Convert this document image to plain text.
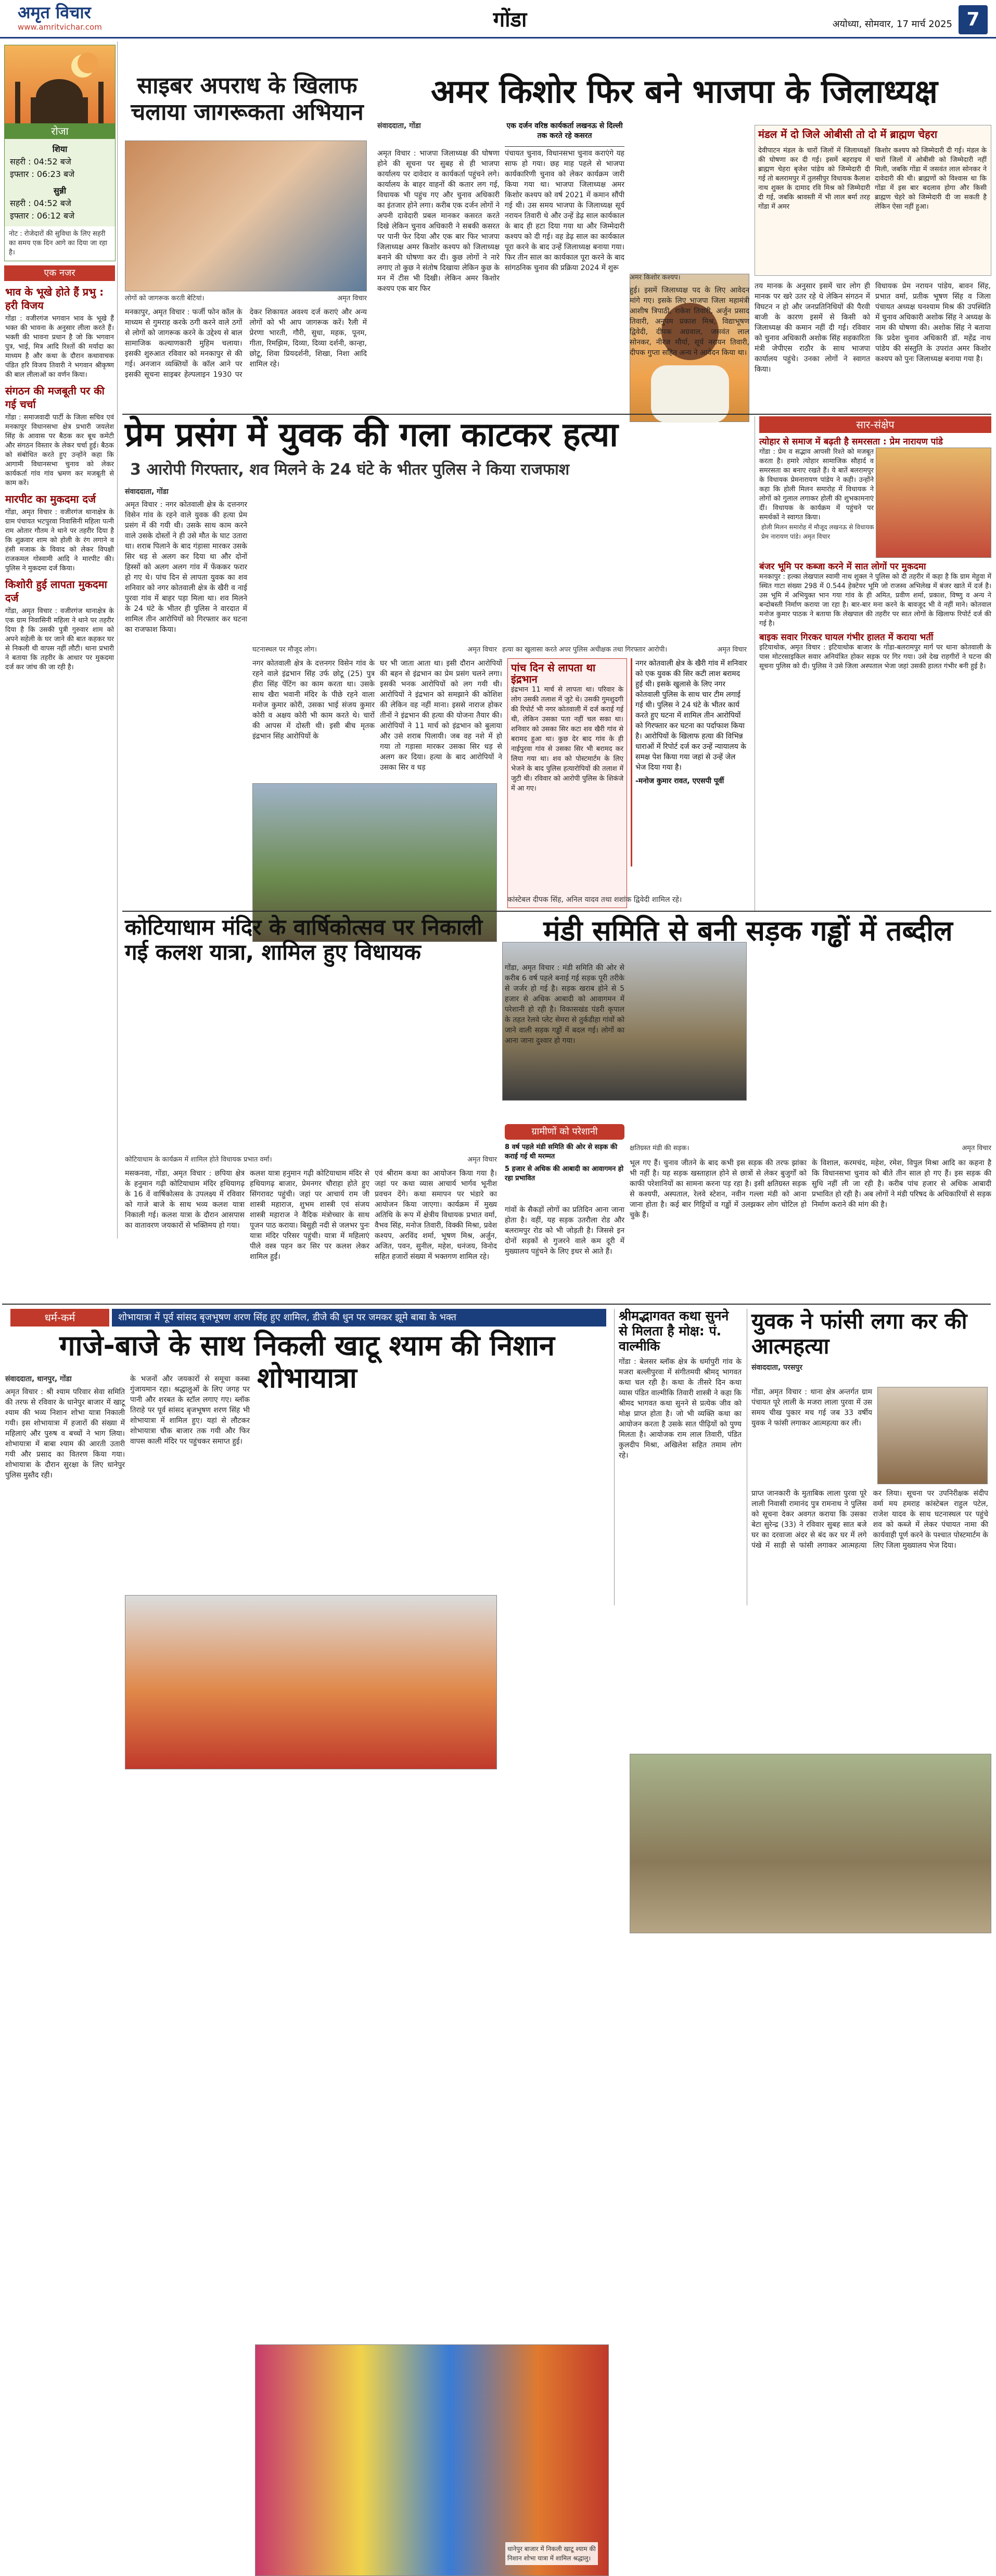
अमृत विचार
www.amritvichar.com	गोंडा	अयोध्या, सोमवार, 17 मार्च 2025 7
रोजा
शिया
सहरी : 04:52 बजे
इफ्तार : 06:23 बजे
सुन्नी
सहरी : 04:52 बजे
इफ्तार : 06:12 बजे
नोट : रोजेदारों की सुविधा के लिए सहरी का समय एक दिन आगे का दिया जा रहा है।
एक नजर
भाव के भूखे होते हैं प्रभु : हरी विजय
गोंडा : वजीरगंज भगवान भाव के भूखे हैं भक्त की भावना के अनुसार लीला करते हैं। भक्ती की भावना प्रधान है जो कि भगवान पुत्र, भाई, मित्र आदि रिश्तों की मर्यादा का माध्यम है और कथा के दौरान कथावाचक पंडित हरि विजय तिवारी ने भगवान श्रीकृष्ण की बाल लीलाओं का वर्णन किया।
संगठन की मजबूती पर की गई चर्चा
गोंडा : समाजवादी पार्टी के जिला सचिव एवं मनकापुर विधानसभा क्षेत्र प्रभारी जयलेश सिंह के आवास पर बैठक कर बूथ कमेटी और संगठन विस्तार के लेकर चर्चा हुई। बैठक को संबोधित करते हुए उन्होंने कहा कि आगामी विधानसभा चुनाव को लेकर कार्यकर्ता गांव गांव भ्रमण कर मजबूती से काम करें।
मारपीट का मुकदमा दर्ज
गोंडा, अमृत विचार : वजीरगंज थानाक्षेत्र के ग्राम पंचायत भटपुरवा निवासिनी महिला पत्नी राम ओतार गौतम ने थाने पर तहरीर दिया है कि शुक्रवार शाम को होली के रंग लगाने व हंसी मजाक के विवाद को लेकर विपक्षी राजकमल गोस्वामी आदि ने मारपीट की। पुलिस ने मुकदमा दर्ज किया।
किशोरी हुई लापता मुकदमा दर्ज
गोंडा, अमृत विचार : वजीरगंज थानाक्षेत्र के एक ग्राम निवासिनी महिला ने थाने पर तहरीर दिया है कि उसकी पुत्री गुरुवार शाम को अपने सहेली के घर जाने की बात कहकर घर से निकली थी वापस नहीं लौटी। थाना प्रभारी ने बताया कि तहरीर के आधार पर मुकदमा दर्ज कर जांच की जा रही है।
साइबर अपराध के खिलाफ चलाया जागरूकता अभियान
लोगों को जागरूक करती बेटियां।	अमृत विचार
मनकापुर, अमृत विचार : फर्जी फोन कॉल के माध्यम से गुमराह करके ठगी करने वाले ठगों से लोगों को जागरूक करने के उद्देश्य से बाल सामाजिक कल्याणकारी मुहिम चलाया। इसकी शुरुआत रविवार को मनकापुर से की गई। अनजान व्यक्तियों के कॉल आने पर इसकी सूचना साइबर हेल्पलाइन 1930 पर देकर शिकायत अवश्य दर्ज कराएं और अन्य लोगों को भी आप जागरूक करें। रैली में प्रेरणा भारती, गौरी, सुधा, महक, पूनम, गीता, रिमझिम, दिव्या, दिव्या दर्शनी, कान्हा, छोटू, शिवा प्रियदर्शनी, शिखा, निशा आदि शामिल रहे।
अमर किशोर फिर बने भाजपा के जिलाध्यक्ष
संवाददाता, गोंडा	एक दर्जन वरिष्ठ कार्यकर्ता लखनऊ से दिल्ली तक करते रहे कसरत
अमृत विचार : भाजपा जिलाध्यक्ष की घोषणा होने की सूचना पर सुबह से ही भाजपा कार्यालय पर दावेदार व कार्यकर्ता पहुंचने लगे। कार्यालय के बाहर वाहनों की कतार लग गई, विधायक भी पहुंच गए और चुनाव अधिकारी का इंतजार होने लगा। करीब एक दर्जन लोगों ने अपनी दावेदारी प्रबल मानकर कसरत करते दिखे लेकिन चुनाव अधिकारी ने सबकी कसरत पर पानी फेर दिया और एक बार फिर भाजपा जिलाध्यक्ष अमर किशोर कश्यप को जिलाध्यक्ष बनाने की घोषणा कर दी। कुछ लोगों ने नारे लगाए तो कुछ ने संतोष दिखाया लेकिन कुछ के मन में टीस भी दिखी। लेकिन अमर किशोर कश्यप एक बार फिर
पंचायत चुनाव, विधानसभा चुनाव कराएंगे यह साफ हो गया। छह माह पहले से भाजपा कार्यकारिणी चुनाव को लेकर कार्यक्रम जारी किया गया था। भाजपा जिलाध्यक्ष अमर किशोर कश्यप को वर्ष 2021 में कमान सौंपी गई थी। उस समय भाजपा के जिलाध्यक्ष सूर्य नरायन तिवारी थे और उन्हें डेढ़ साल कार्यकाल के बाद ही हटा दिया गया था और जिम्मेदारी कश्यप को दी गई। वह डेढ़ साल का कार्यकाल पूरा करने के बाद उन्हें जिलाध्यक्ष बनाया गया। फिर तीन साल का कार्यकाल पूरा करने के बाद सांगठनिक चुनाव की प्रक्रिया 2024 में शुरू
अमर किशोर कश्यप।
हुई। इसमें जिलाध्यक्ष पद के लिए आवेदन मांगे गए। इसके लिए भाजपा जिला महामंत्री आशीष त्रिपाठी, राकेश तिवारी, अर्जुन प्रसाद तिवारी, अनुपम प्रकाश मिश्र, विद्याभूषण द्विवेदी, दीपक अग्रवाल, जसवंत लाल सोनकर, नीरज मौर्या, सूर्य नरायन तिवारी, दीपक गुप्ता सहित अन्य ने आवेदन किया था।
मंडल में दो जिले ओबीसी तो दो में ब्राह्मण चेहरा
देवीपाटन मंडल के चारों जिलों में जिलाध्यक्षों की घोषणा कर दी गई। इसमें बहराइच में ब्राह्मण चेहरा बृजेश पांडेय को जिम्मेदारी दी गई तो बलरामपुर में तुलसीपुर विधायक कैलाश नाथ शुक्ल के दामाद रवि मिश्र को जिम्मेदारी दी गई, जबकि श्रावस्ती में भी लाल बर्मा तरह गोंडा में अमर
किशोर कश्यप को जिम्मेदारी दी गई। मंडल के चारों जिलों में ओबीसी को जिम्मेदारी नहीं मिली, जबकि गोंडा में जसवंत लाल सोनकर ने दावेदारी की थी। ब्राह्मणों को विश्वास था कि गोंडा में इस बार बदलाव होगा और किसी ब्राह्मण चेहरे को जिम्मेदारी दी जा सकती है लेकिन ऐसा नहीं हुआ।
तय मानक के अनुसार इसमें चार लोग ही मानक पर खरे उतर रहे थे लेकिन संगठन में विघटन न हो और जनप्रतिनिधियों की पैरवी बाजी के कारण इसमें से किसी को जिलाध्यक्ष की कमान नहीं दी गई। रविवार को चुनाव अधिकारी अशोक सिंह सहकारिता मंत्री जेपीएस राठौर के साथ भाजपा कार्यालय पहुंचे। उनका लोगों ने स्वागत किया।
विधायक प्रेम नरायन पांडेय, बावन सिंह, प्रभात वर्मा, प्रतीक भूषण सिंह व जिला पंचायत अध्यक्ष घनश्याम मिश्र की उपस्थिति में चुनाव अधिकारी अशोक सिंह ने अध्यक्ष के नाम की घोषणा की। अशोक सिंह ने बताया कि प्रदेश चुनाव अधिकारी डॉ. महेंद्र नाथ पांडेय की संस्तुति के उपरांत अमर किशोर कश्यप को पुनः जिलाध्यक्ष बनाया गया है।
प्रेम प्रसंग में युवक की गला काटकर हत्या
3 आरोपी गिरफ्तार, शव मिलने के 24 घंटे के भीतर पुलिस ने किया राजफाश
संवाददाता, गोंडा
अमृत विचार : नगर कोतवाली क्षेत्र के दत्तनगर विसेन गांव के रहने वाले युवक की हत्या प्रेम प्रसंग में की गयी थी। उसके साथ काम करने वाले उसके दोस्तों ने ही उसे मौत के घाट उतारा था। शराब पिलाने के बाद गंड़ासा मारकर उसके सिर धड़ से अलग कर दिया था और दोनों हिस्सों को अलग अलग गांव में फेंककर फरार हो गए थे। पांच दिन से लापता युवक का शव शनिवार को नगर कोतवाली क्षेत्र के खैरी व नाई पुरवा गांव में बाहर पड़ा मिला था। शव मिलने के 24 घंटे के भीतर ही पुलिस ने वारदात में शामिल तीन आरोपियों को गिरफ्तार कर घटना का राजफाश किया।
घटनास्थल पर मौजूद लोग।	अमृत विचार हत्या का खुलासा करते अपर पुलिस अधीक्षक तथा गिरफ्तार आरोपी।	अमृत विचार
नगर कोतवाली क्षेत्र के दत्तनगर विसेन गांव के रहने वाले इंद्रभान सिंह उर्फ छोटू (25) पुत्र हीरा सिंह पेंटिंग का काम करता था। उसके साथ खैरा भवानी मंदिर के पीछे रहने वाला मनोज कुमार कोरी, उसका भाई संजय कुमार कोरी व अक्षय कोरी भी काम करते थे। चारों की आपस में दोस्ती थी। इसी बीच मृतक इंद्रभान सिंह आरोपियों के
घर भी जाता आता था। इसी दौरान आरोपियों की बहन से इंद्रभान का प्रेम प्रसंग चलने लगा। इसकी भनक आरोपियों को लग गयी थी। आरोपियों ने इंद्रभान को समझाने की कोशिश की लेकिन वह नहीं माना। इससे नाराज होकर तीनों ने इंद्रभान की हत्या की योजना तैयार की। आरोपियों ने 11 मार्च को इंद्रभान को बुलाया और उसे शराब पिलायी। जब वह नशे में हो गया तो गड़ासा मारकर उसका सिर धड़ से अलग कर दिया। हत्या के बाद आरोपियों ने उसका सिर व धड़
पांच दिन से लापता था इंद्रभान
इंद्रभान 11 मार्च से लापता था। परिवार के लोग उसकी तलाश में जुटे थे। उसकी गुमशुदगी की रिपोर्ट भी नगर कोतवाली में दर्ज कराई गई थी, लेकिन उसका पता नहीं चल सका था। शनिवार को उसका सिर कटा शव खैरी गांव से बरामद हुआ था। कुछ देर बाद गांव के ही नाईपुरवा गांव से उसका सिर भी बरामद कर लिया गया था। शव को पोस्टमार्टम के लिए भेजने के बाद पुलिस हत्यारोपियों की तलाश में जुटी थी। रविवार को आरोपी पुलिस के शिकंजे में आ गए।
नगर कोतवाली क्षेत्र के खैरी गांव में शनिवार को एक युवक की सिर कटी लाश बरामद हुई थी। इसके खुलासे के लिए नगर कोतवाली पुलिस के साथ चार टीम लगाई गई थी। पुलिस ने 24 घंटे के भीतर कार्य करते हुए घटना में शामिल तीन आरोपियों को गिरफ्तार कर घटना का पर्दाफाश किया है। आरोपियों के खिलाफ हत्या की विभिन्न धाराओं में रिपोर्ट दर्ज कर उन्हें न्यायालय के समक्ष पेश किया गया जहां से उन्हें जेल भेज दिया गया है।
-मनोज कुमार रावत, एएसपी पूर्वी
कांस्टेबल दीपक सिंह, अनिल यादव तथा शशांक द्विवेदी शामिल रहे।
सार-संक्षेप
त्योहार से समाज में बढ़ती है समरसता : प्रेम नारायण पांडे
गोंडा : प्रेम व सद्भाव आपसी रिश्ते को मजबूत करता है। हमारे त्योहार सामाजिक सौहार्द व समरसता का बनाए रखते हैं। ये बातें बलरामपुर के विधायक प्रेमनारायण पांडेय ने कही। उन्होंने कहा कि होली मिलन समारोह में विधायक ने लोगों को गुलाल लगाकर होली की शुभकामनाएं दीं। विधायक के कार्यक्रम में पहुंचने पर समर्थकों ने स्वागत किया।
होली मिलन समारोह में मौजूद लखनऊ से विधायक प्रेम नारायण पांडे। अमृत विचार
बंजर भूमि पर कब्जा करने में सात लोगों पर मुकदमा
मनकापुर : हल्का लेखपाल स्वामी नाथ शुक्ल ने पुलिस को दी तहरीर में कहा है कि ग्राम मेहुवा में स्थित गाटा संख्या 298 में 0.544 हेक्टेयर भूमि जो राजस्व अभिलेख में बंजर खाते में दर्ज है। उस भूमि में अभियुक्त भान गया गांव के ही अमित, प्रवीण शर्मा, प्रकाश, विष्णु व अन्य ने बन्दोबस्ती निर्माण कराया जा रहा है। बार-बार मना करने के बावजूद भी वे नहीं माने। कोतवाल मनोज कुमार पाठक ने बताया कि लेखपाल की तहरीर पर सात लोगों के खिलाफ रिपोर्ट दर्ज की गई है।
बाइक सवार गिरकर घायल गंभीर हालत में कराया भर्ती
इटियाथोक, अमृत विचार : इटियाथोक बाजार के गोंडा-बलरामपुर मार्ग पर थाना कोतवाली के पास मोटरसाइकिल सवार अनियंत्रित होकर सड़क पर गिर गया। उसे देख राहगीरों ने घटना की सूचना पुलिस को दी। पुलिस ने उसे जिला अस्पताल भेजा जहां उसकी हालत गंभीर बनी हुई है।
कोटियाधाम मंदिर के वार्षिकोत्सव पर निकाली गई कलश यात्रा, शामिल हुए विधायक
कोटियाधाम के कार्यक्रम में शामिल होते विधायक प्रभात वर्मा।	अमृत विचार
मसकनवा, गोंडा, अमृत विचार : छपिया क्षेत्र के हनुमान गढ़ी कोटियाधाम मंदिर हथियागढ़ के 16 वें वार्षिकोत्सव के उपलक्ष्य में रविवार को गाजे बाजे के साथ भव्य कलश यात्रा निकाली गई। कलश यात्रा के दौरान आसपास का वातावरण जयकारों से भक्तिमय हो गया।
कलश यात्रा हनुमान गढ़ी कोटियाधाम मंदिर से हथियागढ़ बाजार, प्रेमनगर चौराहा होते हुए सिंगरावट पहुंची। जहां पर आचार्य राम जी शास्त्री महाराज, शुभम शास्त्री एवं संजय शास्त्री महाराज ने वैदिक मंत्रोच्चार के साथ पूजन पाठ कराया। बिसुही नदी से जलभर पुनः यात्रा मंदिर परिसर पहुंची। यात्रा में महिलाएं पीले वस्त्र पहन कर सिर पर कलश लेकर शामिल हुईं।
एवं श्रीराम कथा का आयोजन किया गया है। जहां पर कथा व्यास आचार्य भार्गव भूनीश प्रवचन देंगे। कथा समापन पर भंडारे का आयोजन किया जाएगा। कार्यक्रम में मुख्य अतिथि के रूप में क्षेत्रीय विधायक प्रभात वर्मा, वैभव सिंह, मनोज तिवारी, विक्की मिश्रा, प्रवेश कश्यप, अरविंद शर्मा, भूषण मिश्र, अर्जुन, अजित, पवन, सुनील, महेश, धनंजय, विनोद सहित हजारों संख्या में भक्तगण शामिल रहे।
मंडी समिति से बनी सड़क गड्ढों में तब्दील
गोंडा, अमृत विचार : मंडी समिति की ओर से करीब 6 वर्ष पहले बनाई गई सड़क पूरी तरीके से जर्जर हो गई है। सड़क खराब होने से 5 हजार से अधिक आबादी को आवागमन में परेशानी हो रही है। विकासखंड पंडरी कृपाल के तहत रेलवे प्लेट सेमरा से तुर्कडीहा गांवों को जाने वाली सड़क गड्ढों में बदल गई। लोगों का आना जाना दुश्वार हो गया।
क्षतिग्रस्त मंडी की सड़क।	अमृत विचार
ग्रामीणों को परेशानी
8 वर्ष पहले मंडी समिति की ओर से सड़क की कराई गई थी मरम्मत
5 हजार से अधिक की आबादी का आवागमन हो रहा प्रभावित
गांवों के सैकड़ों लोगों का प्रतिदिन आना जाना होता है। वहीं, यह सड़क उतरौला रोड और बलरामपुर रोड को भी जोड़ती है। जिससे इन दोनों सड़कों से गुजरने वाले कम दूरी में मुख्यालय पहुंचने के लिए इधर से आते हैं।
भूल गए हैं। चुनाव जीतने के बाद कभी इस सड़क की तरफ झांका भी नहीं है। यह सड़क खस्ताहाल होने से छात्रों से लेकर बुजुर्गों को काफी परेशानियों का सामना करना पड़ रहा है। इसी क्षतिग्रस्त सड़क से कश्यपी, अस्पताल, रेलवे स्टेशन, नवीन गल्ला मंडी को आना जाना होता है। कई बार गिट्टियों व गड्ढों में उलझकर लोग चोटिल हो चुके हैं।
के विशाल, करमचंद, महेश, रमेश, विपुल मिश्रा आदि का कहना है कि विधानसभा चुनाव को बीते तीन साल हो गए हैं। इस सड़क की सुधि नहीं ली जा रही है। करीब पांच हजार से अधिक आबादी प्रभावित हो रही है। अब लोगों ने मंडी परिषद के अधिकारियों से सड़क निर्माण कराने की मांग की है।
धर्म-कर्म	शोभायात्रा में पूर्व सांसद बृजभूषण शरण सिंह हुए शामिल, डीजे की धुन पर जमकर झूमे बाबा के भक्त
गाजे-बाजे के साथ निकली खाटू श्याम की निशान शोभायात्रा
संवाददाता, धानपुर, गोंडा
अमृत विचार : श्री श्याम परिवार सेवा समिति की तरफ से रविवार के धानेपुर बाजार में खाटू श्याम की भव्य निशान शोभा यात्रा निकाली गयी। इस शोभायात्रा में हजारों की संख्या में महिलाएं और पुरुष व बच्चों ने भाग लिया। शोभायात्रा में बाबा श्याम की आरती उतारी गयी और प्रसाद का वितरण किया गया। शोभायात्रा के दौरान सुरक्षा के लिए धानेपुर पुलिस मुस्तैद रही।
के भजनों और जयकारों से समूचा कस्बा गुंजायमान रहा। श्रद्धालुओं के लिए जगह पर पानी और शरबत के स्टॉल लगाए गए। ब्लॉक तिराहे पर पूर्व सांसद बृजभूषण शरण सिंह भी शोभायात्रा में शामिल हुए। यहां से लौटकर शोभायात्रा चौक बाजार तक गयी और फिर वापस काली मंदिर पर पहुंचकर समाप्त हुई।
धानेपुर बाजार में निकली खाटू श्याम की निशान शोभा यात्रा में शामिल श्रद्धालु।
श्रीमद्भागवत कथा सुनने से मिलता है मोक्ष: पं. वाल्मीकि
गोंडा : बेलसर ब्लॉक क्षेत्र के धर्मापुरी गांव के मजरा बल्लीपुरवा में संगीतमयी श्रीमद् भागवत कथा चल रही है। कथा के तीसरे दिन कथा व्यास पंडित वाल्मीकि तिवारी शास्त्री ने कहा कि श्रीमद भागवत कथा सुनने से प्रत्येक जीव को मोक्ष प्राप्त होता है। जो भी व्यक्ति कथा का आयोजन करता है उसके सात पीढ़ियों को पुण्य मिलता है। आयोजक राम लाल तिवारी, पंडित कुलदीप मिश्रा, अखिलेश सहित तमाम लोग रहे।
युवक ने फांसी लगा कर की आत्महत्या
संवाददाता, परसपुर
गोंडा, अमृत विचार : थाना क्षेत्र अन्तर्गत ग्राम पंचायत पूरे लाली के मजरा लाला पुरवा में उस समय चीख पुकार मच गई जब 33 वर्षीय युवक ने फांसी लगाकर आत्महत्या कर ली।
प्राप्त जानकारी के मुताबिक लाला पुरवा पूरे लाली निवासी रामानंद पुत्र रामनाथ ने पुलिस को सूचना देकर अवगत कराया कि उसका बेटा सुरेन्द्र (33) ने रविवार सुबह सात बजे घर का दरवाजा अंदर से बंद कर घर में लगे पंखे में साड़ी से फांसी लगाकर आत्महत्या कर लिया। सूचना पर उपनिरीक्षक संदीप वर्मा मय हमराह कांस्टेबल राहुल पटेल, राजेश यादव के साथ घटनास्थल पर पहुंचे शव को कब्जे में लेकर पंचायत नामा की कार्यवाही पूर्ण करने के पश्चात पोस्टमार्टम के लिए जिला मुख्यालय भेज दिया।
